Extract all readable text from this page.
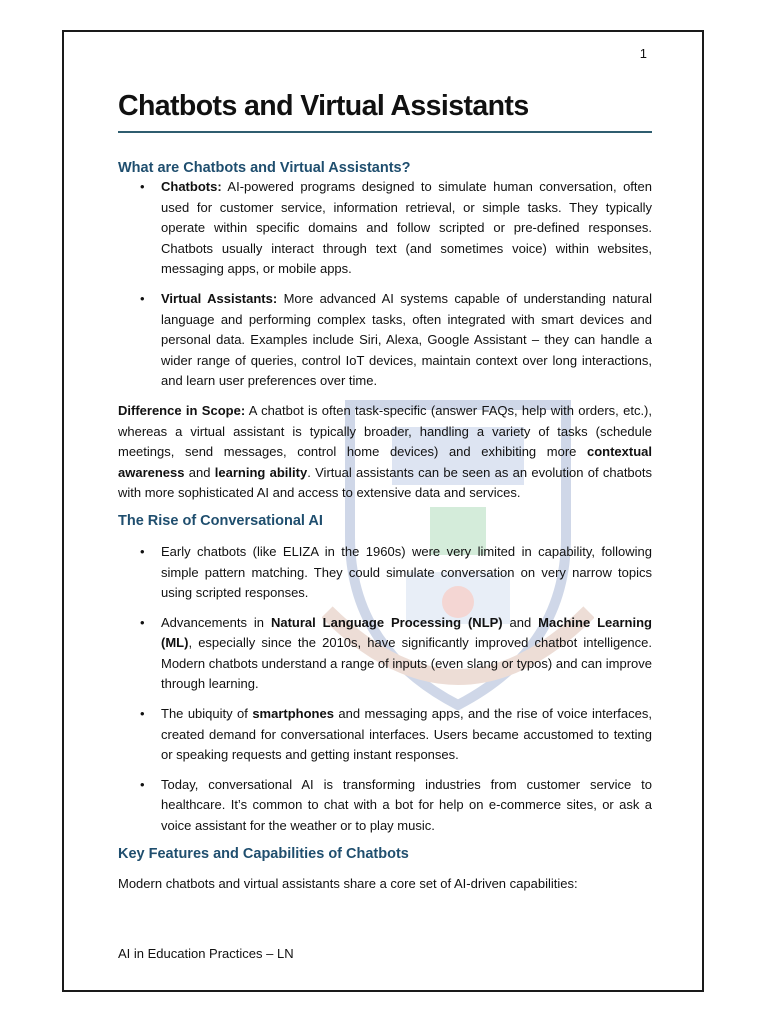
1
Chatbots and Virtual Assistants
What are Chatbots and Virtual Assistants?
• Chatbots: AI-powered programs designed to simulate human conversation, often used for customer service, information retrieval, or simple tasks. They typically operate within specific domains and follow scripted or pre-defined responses. Chatbots usually interact through text (and sometimes voice) within websites, messaging apps, or mobile apps.
• Virtual Assistants: More advanced AI systems capable of understanding natural language and performing complex tasks, often integrated with smart devices and personal data. Examples include Siri, Alexa, Google Assistant – they can handle a wider range of queries, control IoT devices, maintain context over long interactions, and learn user preferences over time.

Difference in Scope: A chatbot is often task-specific (answer FAQs, help with orders, etc.), whereas a virtual assistant is typically broader, handling a variety of tasks (schedule meetings, send messages, control home devices) and exhibiting more contextual awareness and learning ability. Virtual assistants can be seen as an evolution of chatbots with more sophisticated AI and access to extensive data and services.

The Rise of Conversational AI
• Early chatbots (like ELIZA in the 1960s) were very limited in capability, following simple pattern matching. They could simulate conversation on very narrow topics using scripted responses.
• Advancements in Natural Language Processing (NLP) and Machine Learning (ML), especially since the 2010s, have significantly improved chatbot intelligence. Modern chatbots understand a range of inputs (even slang or typos) and can improve through learning.
• The ubiquity of smartphones and messaging apps, and the rise of voice interfaces, created demand for conversational interfaces. Users became accustomed to texting or speaking requests and getting instant responses.
• Today, conversational AI is transforming industries from customer service to healthcare. It’s common to chat with a bot for help on e-commerce sites, or ask a voice assistant for the weather or to play music.
Key Features and Capabilities of Chatbots

Modern chatbots and virtual assistants share a core set of AI-driven capabilities:

AI in Education Practices – LN
